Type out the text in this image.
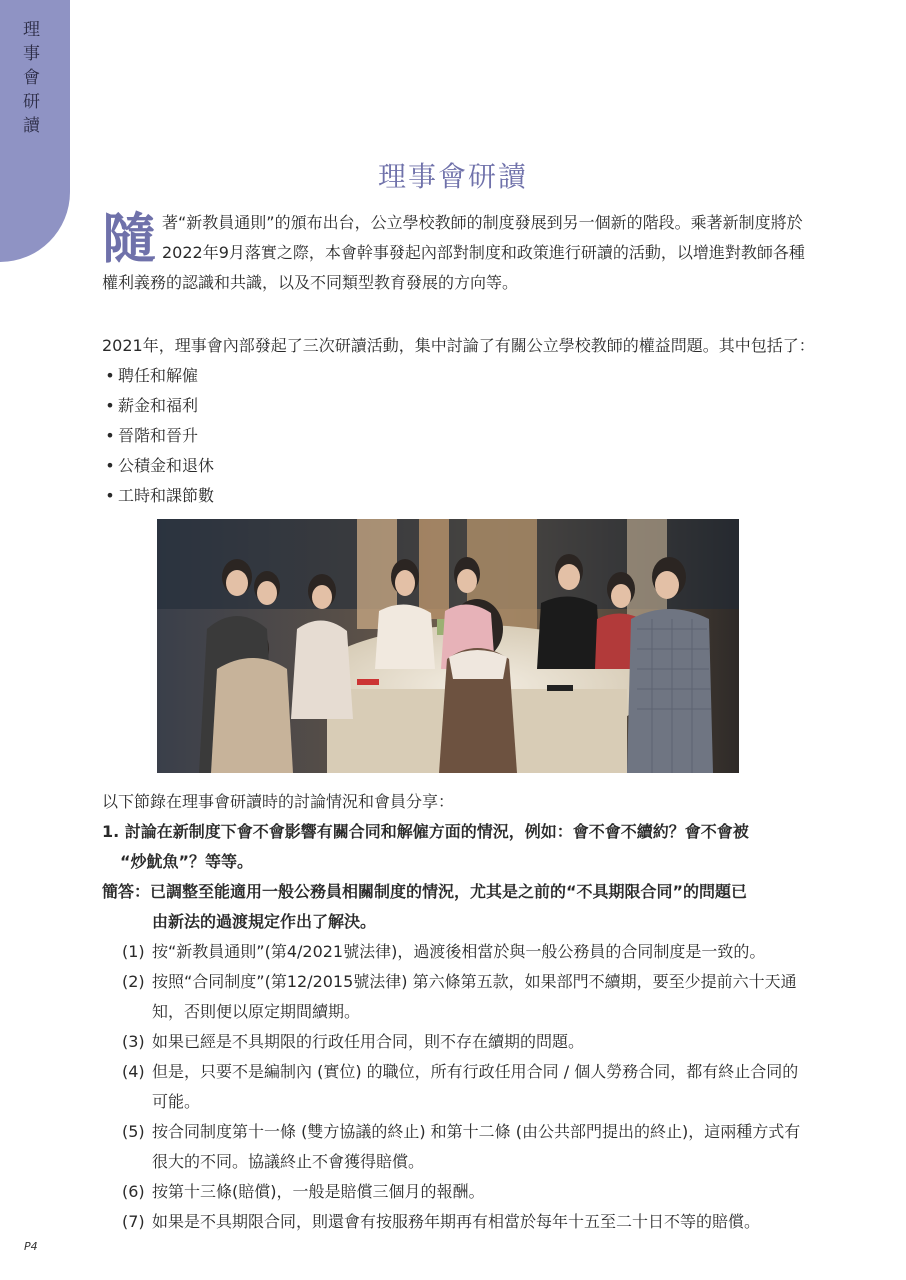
理
事
會
研
讀
理事會研讀
隨 著“新教員通則”的頒布出台，公立學校教師的制度發展到另一個新的階段。乘著新制度將於2022年9月落實之際，本會幹事發起內部對制度和政策進行研讀的活動，以增進對教師各種權利義務的認識和共識，以及不同類型教育發展的方向等。
2021年，理事會內部發起了三次研讀活動，集中討論了有關公立學校教師的權益問題。其中包括了：
• 聘任和解僱
• 薪金和福利
• 晉階和晉升
• 公積金和退休
• 工時和課節數
以下節錄在理事會研讀時的討論情況和會員分享：
1. 討論在新制度下會不會影響有關合同和解僱方面的情況，例如：會不會不續約？會不會被
“炒魷魚”？等等。
簡答：已調整至能適用一般公務員相關制度的情況，尤其是之前的“不具期限合同”的問題已
由新法的過渡規定作出了解決。
(1) 按“新教員通則”(第4/2021號法律)，過渡後相當於與一般公務員的合同制度是一致的。
(2) 按照“合同制度”(第12/2015號法律) 第六條第五款，如果部門不續期，要至少提前六十天通知，否則便以原定期間續期。
(3) 如果已經是不具期限的行政任用合同，則不存在續期的問題。
(4) 但是，只要不是編制內 (實位) 的職位，所有行政任用合同 / 個人勞務合同，都有終止合同的可能。
(5) 按合同制度第十一條 (雙方協議的終止) 和第十二條 (由公共部門提出的終止)，這兩種方式有很大的不同。協議終止不會獲得賠償。
(6) 按第十三條(賠償)，一般是賠償三個月的報酬。
(7) 如果是不具期限合同，則還會有按服務年期再有相當於每年十五至二十日不等的賠償。
P4
